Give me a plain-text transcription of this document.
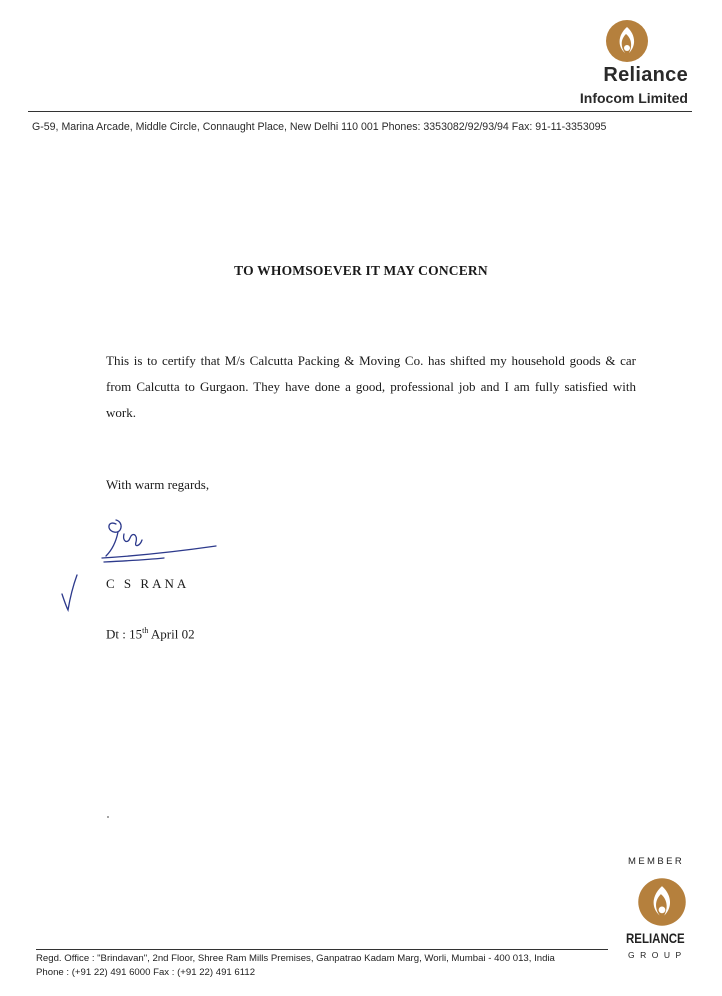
Reliance
Infocom Limited
G-59, Marina Arcade, Middle Circle, Connaught Place, New Delhi 110 001 Phones: 3353082/92/93/94 Fax: 91-11-3353095
TO WHOMSOEVER IT MAY CONCERN
This is to certify that M/s Calcutta Packing & Moving Co. has shifted my household goods & car from Calcutta to Gurgaon. They have done a good, professional job and I am fully satisfied with work.
With warm regards,
C S RANA
Dt : 15th April 02
MEMBER
RELIANCE
GROUP
Regd. Office : "Brindavan", 2nd Floor, Shree Ram Mills Premises, Ganpatrao Kadam Marg, Worli, Mumbai - 400 013, India
Phone : (+91 22) 491 6000 Fax : (+91 22) 491 6112
